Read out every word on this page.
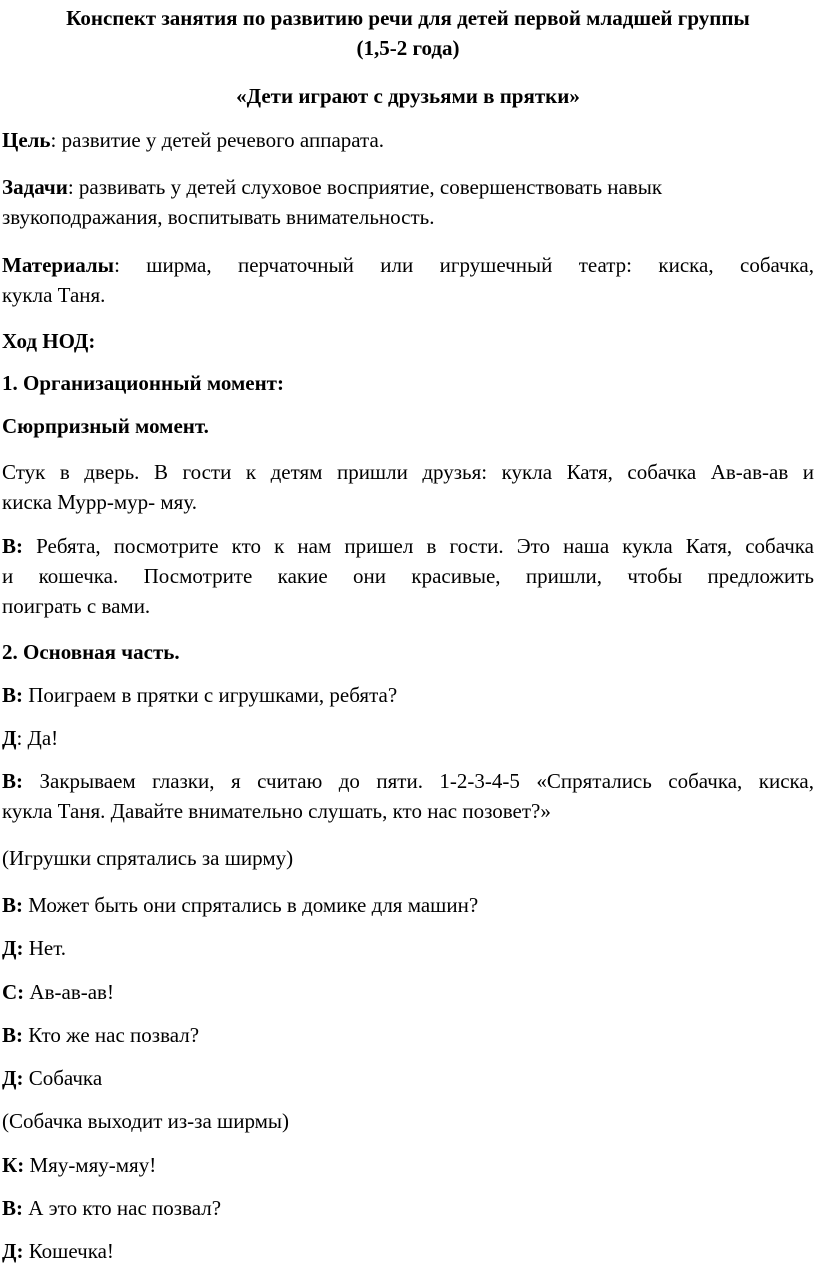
Конспект занятия по развитию речи для детей первой младшей группы
(1,5-2 года)

«Дети играют с друзьями в прятки»

Цель: развитие у детей речевого аппарата.

Задачи: развивать у детей слуховое восприятие, совершенствовать навык
звукоподражания, воспитывать внимательность.

Материалы: ширма, перчаточный или игрушечный театр: киска, собачка,
кукла Таня.

Ход НОД:

1. Организационный момент:

Сюрпризный момент.

Стук в дверь. В гости к детям пришли друзья: кукла Катя, собачка Ав-ав-ав и
киска Мурр-мур- мяу.

В: Ребята, посмотрите кто к нам пришел в гости. Это наша кукла Катя, собачка
и кошечка. Посмотрите какие они красивые, пришли, чтобы предложить
поиграть с вами.

2. Основная часть.

В: Поиграем в прятки с игрушками, ребята?

Д: Да!

В: Закрываем глазки, я считаю до пяти. 1-2-3-4-5 «Спрятались собачка, киска,
кукла Таня. Давайте внимательно слушать, кто нас позовет?»

(Игрушки спрятались за ширму)

В: Может быть они спрятались в домике для машин?

Д: Нет.

С: Ав-ав-ав!

В: Кто же нас позвал?

Д: Собачка

(Собачка выходит из-за ширмы)

К: Мяу-мяу-мяу!

В: А это кто нас позвал?

Д: Кошечка!
